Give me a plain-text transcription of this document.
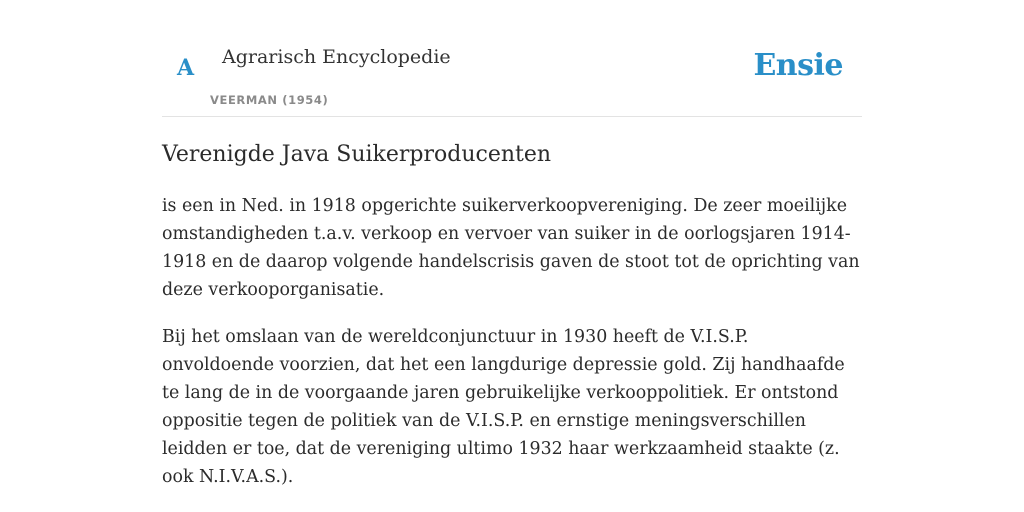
A Agrarisch Encyclopedie
VEERMAN (1954)
Ensie
Verenigde Java Suikerproducenten

is een in Ned. in 1918 opgerichte suikerverkoopvereniging. De zeer moeilijke omstandigheden t.a.v. verkoop en vervoer van suiker in de oorlogsjaren 1914-1918 en de daarop volgende handelscrisis gaven de stoot tot de oprichting van deze verkooporganisatie.

Bij het omslaan van de wereldconjunctuur in 1930 heeft de V.I.S.P. onvoldoende voorzien, dat het een langdurige depressie gold. Zij handhaafde te lang de in de voorgaande jaren gebruikelijke verkooppolitiek. Er ontstond oppositie tegen de politiek van de V.I.S.P. en ernstige meningsverschillen leidden er toe, dat de vereniging ultimo 1932 haar werkzaamheid staakte (z. ook N.I.V.A.S.).
